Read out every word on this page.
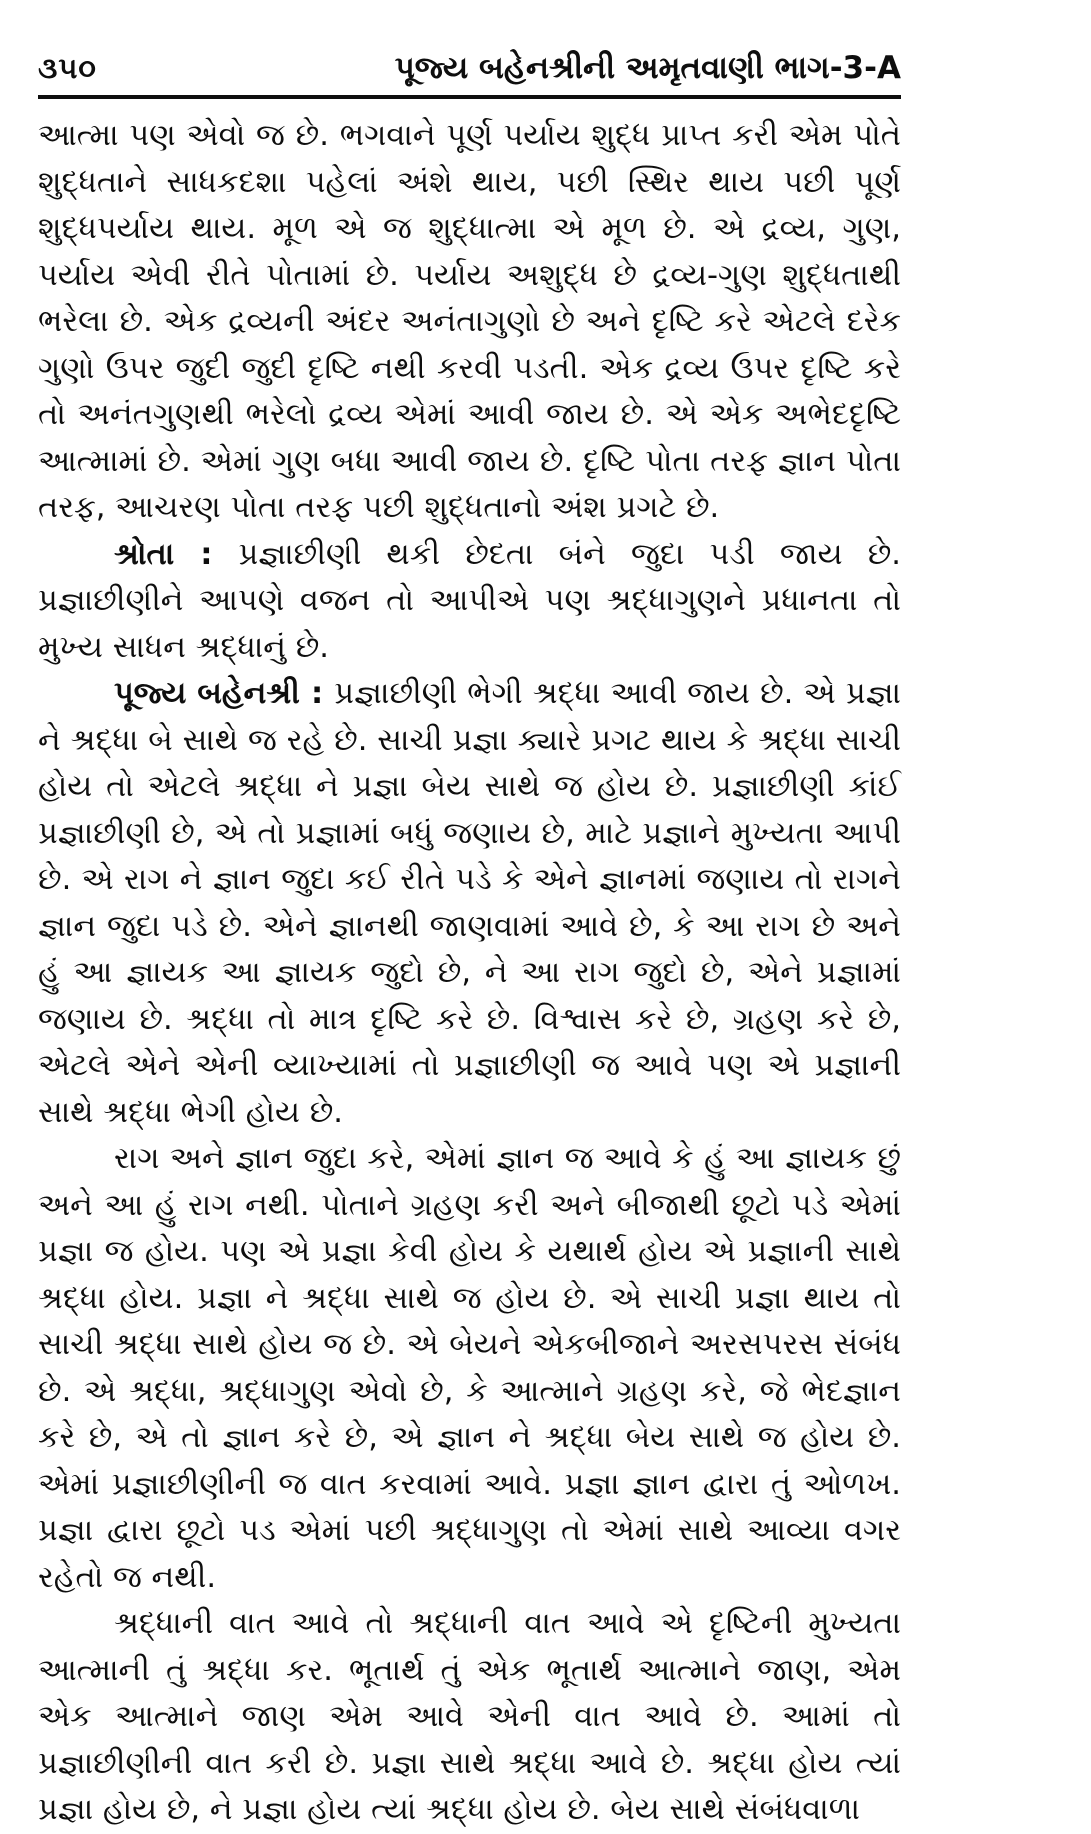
૩૫૦	પૂજ્ય બહેનશ્રીની અમૃતવાણી ભાગ-3-A

આત્મા પણ એવો જ છે. ભગવાને પૂર્ણ પર્યાય શુદ્ધ પ્રાપ્ત કરી એમ પોતે શુદ્ધતાને સાધકદશા પહેલાં અંશે થાય, પછી સ્થિર થાય પછી પૂર્ણ શુદ્ધપર્યાય થાય. મૂળ એ જ શુદ્ધાત્મા એ મૂળ છે. એ દ્રવ્ય, ગુણ, પર્યાય એવી રીતે પોતામાં છે. પર્યાય અશુદ્ધ છે દ્રવ્ય-ગુણ શુદ્ધતાથી ભરેલા છે. એક દ્રવ્યની અંદર અનંતાગુણો છે અને દૃષ્ટિ કરે એટલે દરેક ગુણો ઉપર જુદી જુદી દૃષ્ટિ નથી કરવી પડતી. એક દ્રવ્ય ઉપર દૃષ્ટિ કરે તો અનંતગુણથી ભરેલો દ્રવ્ય એમાં આવી જાય છે. એ એક અભેદદૃષ્ટિ આત્મામાં છે. એમાં ગુણ બધા આવી જાય છે. દૃષ્ટિ પોતા તરફ જ્ઞાન પોતા તરફ, આચરણ પોતા તરફ પછી શુદ્ધતાનો અંશ પ્રગટે છે.

શ્રોતા : પ્રજ્ઞાછીણી થકી છેદતા બંને જુદા પડી જાય છે. પ્રજ્ઞાછીણીને આપણે વજન તો આપીએ પણ શ્રદ્ધાગુણને પ્રધાનતા તો મુખ્ય સાધન શ્રદ્ધાનું છે.

પૂજ્ય બહેનશ્રી : પ્રજ્ઞાછીણી ભેગી શ્રદ્ધા આવી જાય છે. એ પ્રજ્ઞા ને શ્રદ્ધા બે સાથે જ રહે છે. સાચી પ્રજ્ઞા ક્યારે પ્રગટ થાય કે શ્રદ્ધા સાચી હોય તો એટલે શ્રદ્ધા ને પ્રજ્ઞા બેય સાથે જ હોય છે. પ્રજ્ઞાછીણી કાંઈ પ્રજ્ઞાછીણી છે, એ તો પ્રજ્ઞામાં બધું જણાય છે, માટે પ્રજ્ઞાને મુખ્યતા આપી છે. એ રાગ ને જ્ઞાન જુદા કઈ રીતે પડે કે એને જ્ઞાનમાં જણાય તો રાગને જ્ઞાન જુદા પડે છે. એને જ્ઞાનથી જાણવામાં આવે છે, કે આ રાગ છે અને હું આ જ્ઞાયક આ જ્ઞાયક જુદો છે, ને આ રાગ જુદો છે, એને પ્રજ્ઞામાં જણાય છે. શ્રદ્ધા તો માત્ર દૃષ્ટિ કરે છે. વિશ્વાસ કરે છે, ગ્રહણ કરે છે, એટલે એને એની વ્યાખ્યામાં તો પ્રજ્ઞાછીણી જ આવે પણ એ પ્રજ્ઞાની સાથે શ્રદ્ધા ભેગી હોય છે.

રાગ અને જ્ઞાન જુદા કરે, એમાં જ્ઞાન જ આવે કે હું આ જ્ઞાયક છું અને આ હું રાગ નથી. પોતાને ગ્રહણ કરી અને બીજાથી છૂટો પડે એમાં પ્રજ્ઞા જ હોય. પણ એ પ્રજ્ઞા કેવી હોય કે યથાર્થ હોય એ પ્રજ્ઞાની સાથે શ્રદ્ધા હોય. પ્રજ્ઞા ને શ્રદ્ધા સાથે જ હોય છે. એ સાચી પ્રજ્ઞા થાય તો સાચી શ્રદ્ધા સાથે હોય જ છે. એ બેયને એકબીજાને અરસપરસ સંબંધ છે. એ શ્રદ્ધા, શ્રદ્ધાગુણ એવો છે, કે આત્માને ગ્રહણ કરે, જે ભેદજ્ઞાન કરે છે, એ તો જ્ઞાન કરે છે, એ જ્ઞાન ને શ્રદ્ધા બેય સાથે જ હોય છે. એમાં પ્રજ્ઞાછીણીની જ વાત કરવામાં આવે. પ્રજ્ઞા જ્ઞાન દ્વારા તું ઓળખ. પ્રજ્ઞા દ્વારા છૂટો પડ એમાં પછી શ્રદ્ધાગુણ તો એમાં સાથે આવ્યા વગર રહેતો જ નથી.

શ્રદ્ધાની વાત આવે તો શ્રદ્ધાની વાત આવે એ દૃષ્ટિની મુખ્યતા આત્માની તું શ્રદ્ધા કર. ભૂતાર્થ તું એક ભૂતાર્થ આત્માને જાણ, એમ એક આત્માને જાણ એમ આવે એની વાત આવે છે. આમાં તો પ્રજ્ઞાછીણીની વાત કરી છે. પ્રજ્ઞા સાથે શ્રદ્ધા આવે છે. શ્રદ્ધા હોય ત્યાં પ્રજ્ઞા હોય છે, ને પ્રજ્ઞા હોય ત્યાં શ્રદ્ધા હોય છે. બેય સાથે સંબંધવાળા
